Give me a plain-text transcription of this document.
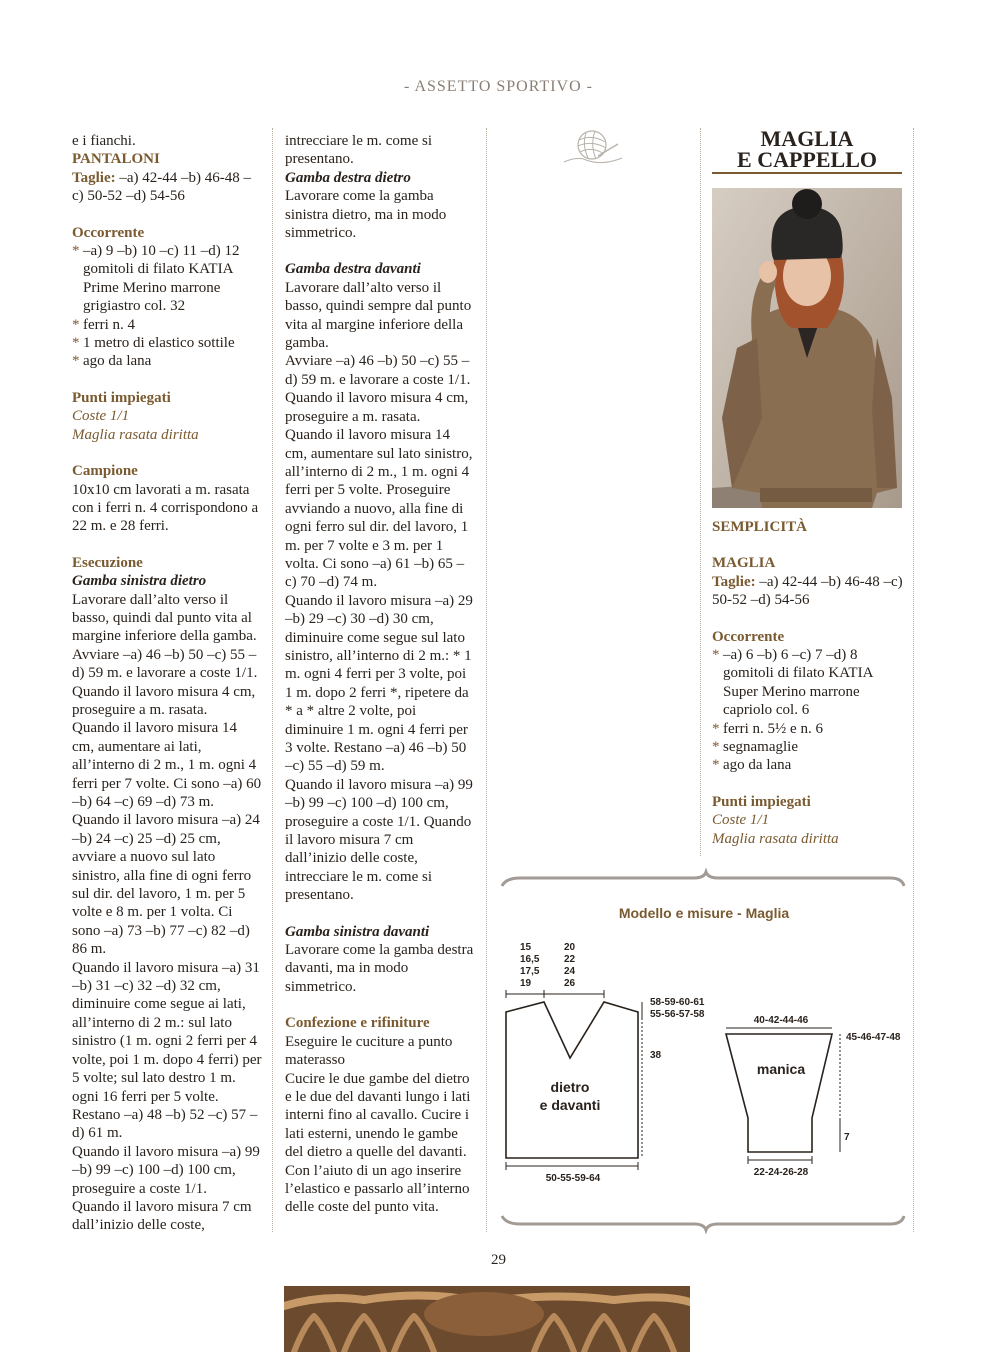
- ASSETTO SPORTIVO -

e i fianchi.

PANTALONI

Taglie: –a) 42-44 –b) 46-48 –c) 50-52 –d) 54-56

Occorrente

* –a) 9 –b) 10 –c) 11 –d) 12 gomitoli di filato KATIA Prime Merino marrone grigiastro col. 32
* ferri n. 4
* 1 metro di elastico sottile
* ago da lana

Punti impiegati

Coste 1/1

Maglia rasata diritta

Campione

10x10 cm lavorati a m. rasata con i ferri n. 4 corrispondono a 22 m. e 28 ferri.

Esecuzione

Gamba sinistra dietro

Lavorare dall’alto verso il basso, quindi dal punto vita al margine inferiore della gamba. Avviare –a) 46 –b) 50 –c) 55 –d) 59 m. e lavorare a coste 1/1.
Quando il lavoro misura 4 cm, proseguire a m. rasata.
Quando il lavoro misura 14 cm, aumentare ai lati, all’interno di 2 m., 1 m. ogni 4 ferri per 7 volte. Ci sono –a) 60 –b) 64 –c) 69 –d) 73 m.
Quando il lavoro misura –a) 24 –b) 24 –c) 25 –d) 25 cm, avviare a nuovo sul lato sinistro, alla fine di ogni ferro sul dir. del lavoro, 1 m. per 5 volte e 8 m. per 1 volta. Ci sono –a) 73 –b) 77 –c) 82 –d) 86 m.
Quando il lavoro misura –a) 31 –b) 31 –c) 32 –d) 32 cm, diminuire come segue ai lati, all’interno di 2 m.: sul lato sinistro (1 m. ogni 2 ferri per 4 volte, poi 1 m. dopo 4 ferri) per 5 volte; sul lato destro 1 m. ogni 16 ferri per 5 volte. Restano –a) 48 –b) 52 –c) 57 –d) 61 m.
Quando il lavoro misura –a) 99 –b) 99 –c) 100 –d) 100 cm, proseguire a coste 1/1.
Quando il lavoro misura 7 cm dall’inizio delle coste,

intrecciare le m. come si presentano.

Gamba destra dietro

Lavorare come la gamba sinistra dietro, ma in modo simmetrico.

Gamba destra davanti

Lavorare dall’alto verso il basso, quindi sempre dal punto vita al margine inferiore della gamba.
Avviare –a) 46 –b) 50 –c) 55 –d) 59 m. e lavorare a coste 1/1. Quando il lavoro misura 4 cm, proseguire a m. rasata.
Quando il lavoro misura 14 cm, aumentare sul lato sinistro, all’interno di 2 m., 1 m. ogni 4 ferri per 5 volte. Proseguire avviando a nuovo, alla fine di ogni ferro sul dir. del lavoro, 1 m. per 7 volte e 3 m. per 1 volta. Ci sono –a) 61 –b) 65 –c) 70 –d) 74 m.
Quando il lavoro misura –a) 29 –b) 29 –c) 30 –d) 30 cm, diminuire come segue sul lato sinistro, all’interno di 2 m.: * 1 m. ogni 4 ferri per 3 volte, poi 1 m. dopo 2 ferri *, ripetere da * a * altre 2 volte, poi diminuire 1 m. ogni 4 ferri per 3 volte. Restano –a) 46 –b) 50 –c) 55 –d) 59 m.
Quando il lavoro misura –a) 99 –b) 99 –c) 100 –d) 100 cm, proseguire a coste 1/1. Quando il lavoro misura 7 cm dall’inizio delle coste, intrecciare le m. come si presentano.

Gamba sinistra davanti

Lavorare come la gamba destra davanti, ma in modo simmetrico.

Confezione e rifiniture

Eseguire le cuciture a punto materasso
Cucire le due gambe del dietro e le due del davanti lungo i lati interni fino al cavallo. Cucire i lati esterni, unendo le gambe del dietro a quelle del davanti. Con l’aiuto di un ago inserire l’elastico e passarlo all’interno delle coste del punto vita.

MAGLIA
E CAPPELLO

SEMPLICITÀ

MAGLIA

Taglie: –a) 42-44 –b) 46-48 –c) 50-52 –d) 54-56

Occorrente

* –a) 6 –b) 6 –c) 7 –d) 8 gomitoli di filato KATIA Super Merino marrone capriolo col. 6
* ferri n. 5½ e n. 6
* segnamaglie
* ago da lana

Punti impiegati

Coste 1/1

Maglia rasata diritta

Modello e misure - Maglia
15
16,5
17,5
19
20
22
24
26
58-59-60-61
55-56-57-58
38
50-55-59-64
40-42-44-46
45-46-47-48
7
22-24-26-28
dietro
e davanti
manica
29
